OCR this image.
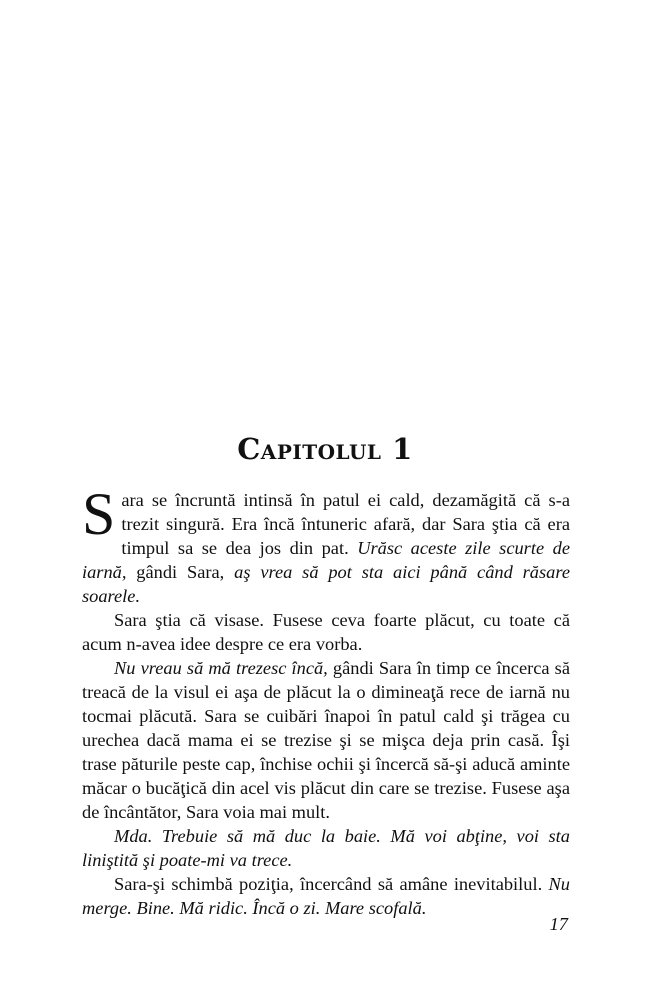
Capitolul 1

Sara se încruntă intinsă în patul ei cald, dezamăgită că s-a trezit singură. Era încă întuneric afară, dar Sara ştia că era timpul sa se dea jos din pat. Urăsc aceste zile scurte de iarnă, gândi Sara, aş vrea să pot sta aici până când răsare soarele.

Sara ştia că visase. Fusese ceva foarte plăcut, cu toate că acum n-avea idee despre ce era vorba.

Nu vreau să mă trezesc încă, gândi Sara în timp ce încerca să treacă de la visul ei aşa de plăcut la o dimineaţă rece de iarnă nu tocmai plăcută. Sara se cuibări înapoi în patul cald şi trăgea cu urechea dacă mama ei se trezise şi se mişca deja prin casă. Îşi trase păturile peste cap, închise ochii şi încercă să-şi aducă aminte măcar o bucăţică din acel vis plăcut din care se trezise. Fusese aşa de încântător, Sara voia mai mult.

Mda. Trebuie să mă duc la baie. Mă voi abţine, voi sta liniştită şi poate-mi va trece.

Sara-şi schimbă poziţia, încercând să amâne inevitabilul. Nu merge. Bine. Mă ridic. Încă o zi. Mare scofală.

17
